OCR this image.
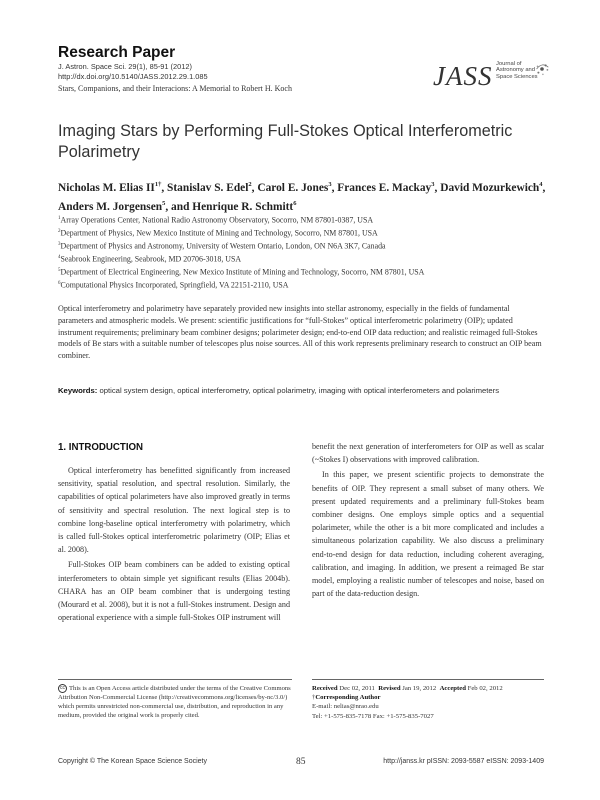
Research Paper
J. Astron. Space Sci. 29(1), 85-91 (2012)
http://dx.doi.org/10.5140/JASS.2012.29.1.085
Stars, Companions, and their Interacions: A Memorial to Robert H. Koch	JASS Journal of
Astronomy and
Space Sciences
Imaging Stars by Performing Full-Stokes Optical Interferometric Polarimetry
Nicholas M. Elias $II^{1\dagger}$, Stanislav S. Edel$^2$, Carol E. Jones$^3$, Frances E. Mackay$^3$, David Mozurkewich$^4$, Anders M. Jorgensen$^5$, and Henrique R. Schmitt$^6$
$^1$Array Operations Center, National Radio Astronomy Observatory, Socorro, NM 87801-0387, USA
$^2$Department of Physics, New Mexico Institute of Mining and Technology, Socorro, NM 87801, USA
$^3$Department of Physics and Astronomy, University of Western Ontario, London, ON N6A 3K7, Canada
$^4$Seabrook Engineering, Seabrook, MD 20706-3018, USA
$^5$Department of Electrical Engineering, New Mexico Institute of Mining and Technology, Socorro, NM 87801, USA
$^6$Computational Physics Incorporated, Springfield, VA 22151-2110, USA
Optical interferometry and polarimetry have separately provided new insights into stellar astronomy, especially in the fields of fundamental parameters and atmospheric models. We present: scientific justifications for “full-Stokes” optical interferometric polarimetry (OIP); updated instrument requirements; preliminary beam combiner designs; polarimeter design; end-to-end OIP data reduction; and realistic reimaged full-Stokes models of Be stars with a suitable number of telescopes plus noise sources. All of this work represents preliminary research to construct an OIP beam combiner.
Keywords: optical system design, optical interferometry, optical polarimetry, imaging with optical interferometers and polarimeters
1. INTRODUCTION

Optical interferometry has benefitted significantly from increased sensitivity, spatial resolution, and spectral resolution. Similarly, the capabilities of optical polarimeters have also improved greatly in terms of sensitivity and spectral resolution. The next logical step is to combine long-baseline optical interferometry with polarimetry, which is called full-Stokes optical interferometric polarimetry (OIP; Elias et al. 2008).

Full-Stokes OIP beam combiners can be added to existing optical interferometers to obtain simple yet significant results (Elias 2004b). CHARA has an OIP beam combiner that is undergoing testing (Mourard et al. 2008), but it is not a full-Stokes instrument. Design and operational experience with a simple full-Stokes OIP instrument will

benefit the next generation of interferometers for OIP as well as scalar (~Stokes I) observations with improved calibration.

In this paper, we present scientific projects to demonstrate the benefits of OIP. They represent a small subset of many others. We present updated requirements and a preliminary full-Stokes beam combiner designs. One employs simple optics and a sequential polarimeter, while the other is a bit more complicated and includes a simultaneous polarization capability. We also discuss a preliminary end-to-end design for data reduction, including coherent averaging, calibration, and imaging. In addition, we present a reimaged Be star model, employing a realistic number of telescopes and noise, based on part of the data-reduction design.

cc This is an Open Access article distributed under the terms of the Creative Commons Attribution Non-Commercial License (http://creativecommons.org/licenses/by-nc/3.0/) which permits unrestricted non-commercial use, distribution, and reproduction in any medium, provided the original work is properly cited.
Received Dec 02, 2011 Revised Jan 19, 2012 Accepted Feb 02, 2012
†Corresponding Author
E-mail: nelias@nrao.edu
Tel: +1-575-835-7178 Fax: +1-575-835-7027
Copyright © The Korean Space Science Society	85	http://janss.kr pISSN: 2093-5587 eISSN: 2093-1409
